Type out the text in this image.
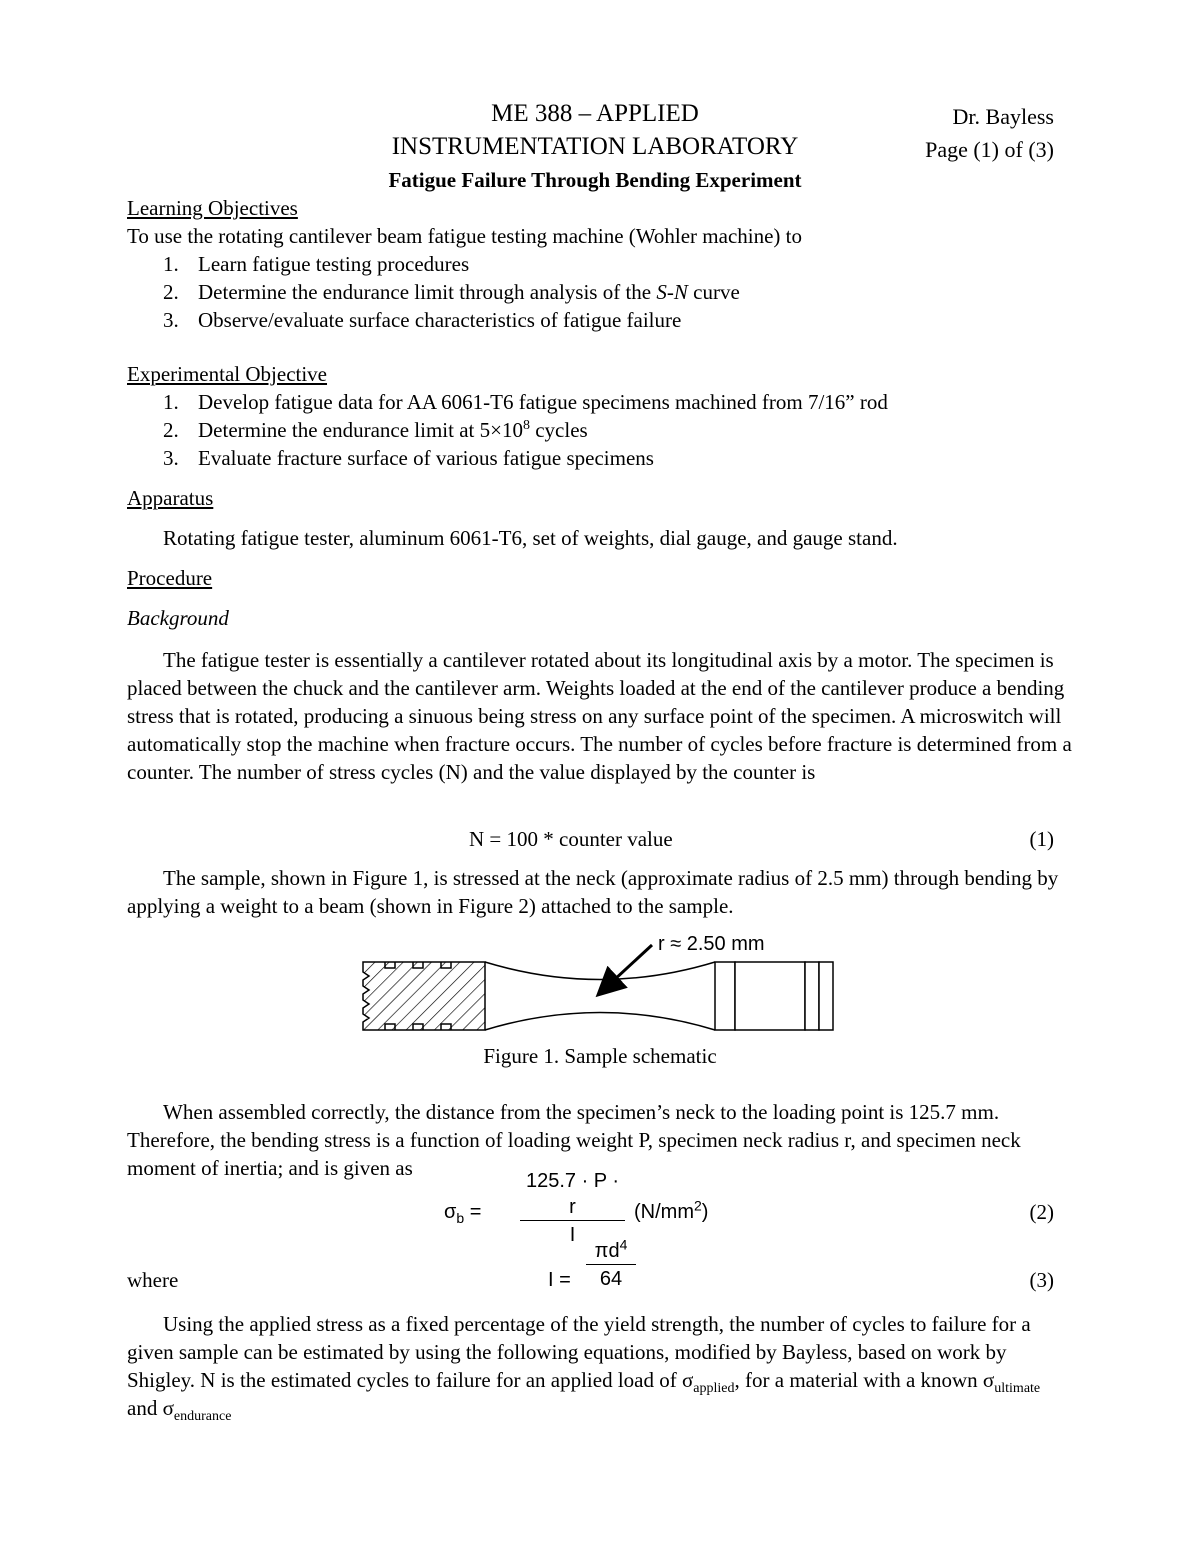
ME 388 – APPLIED
INSTRUMENTATION LABORATORY
Dr. Bayless
Page (1) of (3)
Fatigue Failure Through Bending Experiment
Learning Objectives
To use the rotating cantilever beam fatigue testing machine (Wohler machine) to
1. Learn fatigue testing procedures
2. Determine the endurance limit through analysis of the S-N curve
3. Observe/evaluate surface characteristics of fatigue failure
Experimental Objective
1. Develop fatigue data for AA 6061-T6 fatigue specimens machined from 7/16” rod
2. Determine the endurance limit at $5\times 10^8$ cycles
3. Evaluate fracture surface of various fatigue specimens
Apparatus
Rotating fatigue tester, aluminum 6061-T6, set of weights, dial gauge, and gauge stand.
Procedure
Background
The fatigue tester is essentially a cantilever rotated about its longitudinal axis by a motor. The specimen is placed between the chuck and the cantilever arm. Weights loaded at the end of the cantilever produce a bending stress that is rotated, producing a sinuous being stress on any surface point of the specimen. A microswitch will automatically stop the machine when fracture occurs. The number of cycles before fracture is determined from a counter. The number of stress cycles (N) and the value displayed by the counter is
N = 100 * counter value	(1)
The sample, shown in Figure 1, is stressed at the neck (approximate radius of 2.5 mm) through bending by applying a weight to a beam (shown in Figure 2) attached to the sample.
r ≈ 2.50 mm
Figure 1. Sample schematic
When assembled correctly, the distance from the specimen’s neck to the loading point is 125.7 mm. Therefore, the bending stress is a function of loading weight P, specimen neck radius r, and specimen neck moment of inertia; and is given as
$\sigma_b = \frac{125.7 \cdot P \cdot r}{I} (N/mm^2)$	(2)
where	$I = \frac{\pi d^4}{64}$	(3)
Using the applied stress as a fixed percentage of the yield strength, the number of cycles to failure for a given sample can be estimated by using the following equations, modified by Bayless, based on work by Shigley. N is the estimated cycles to failure for an applied load of $\sigma_{applied}$, for a material with a known $\sigma_{ultimate}$ and $\sigma_{endurance}$
